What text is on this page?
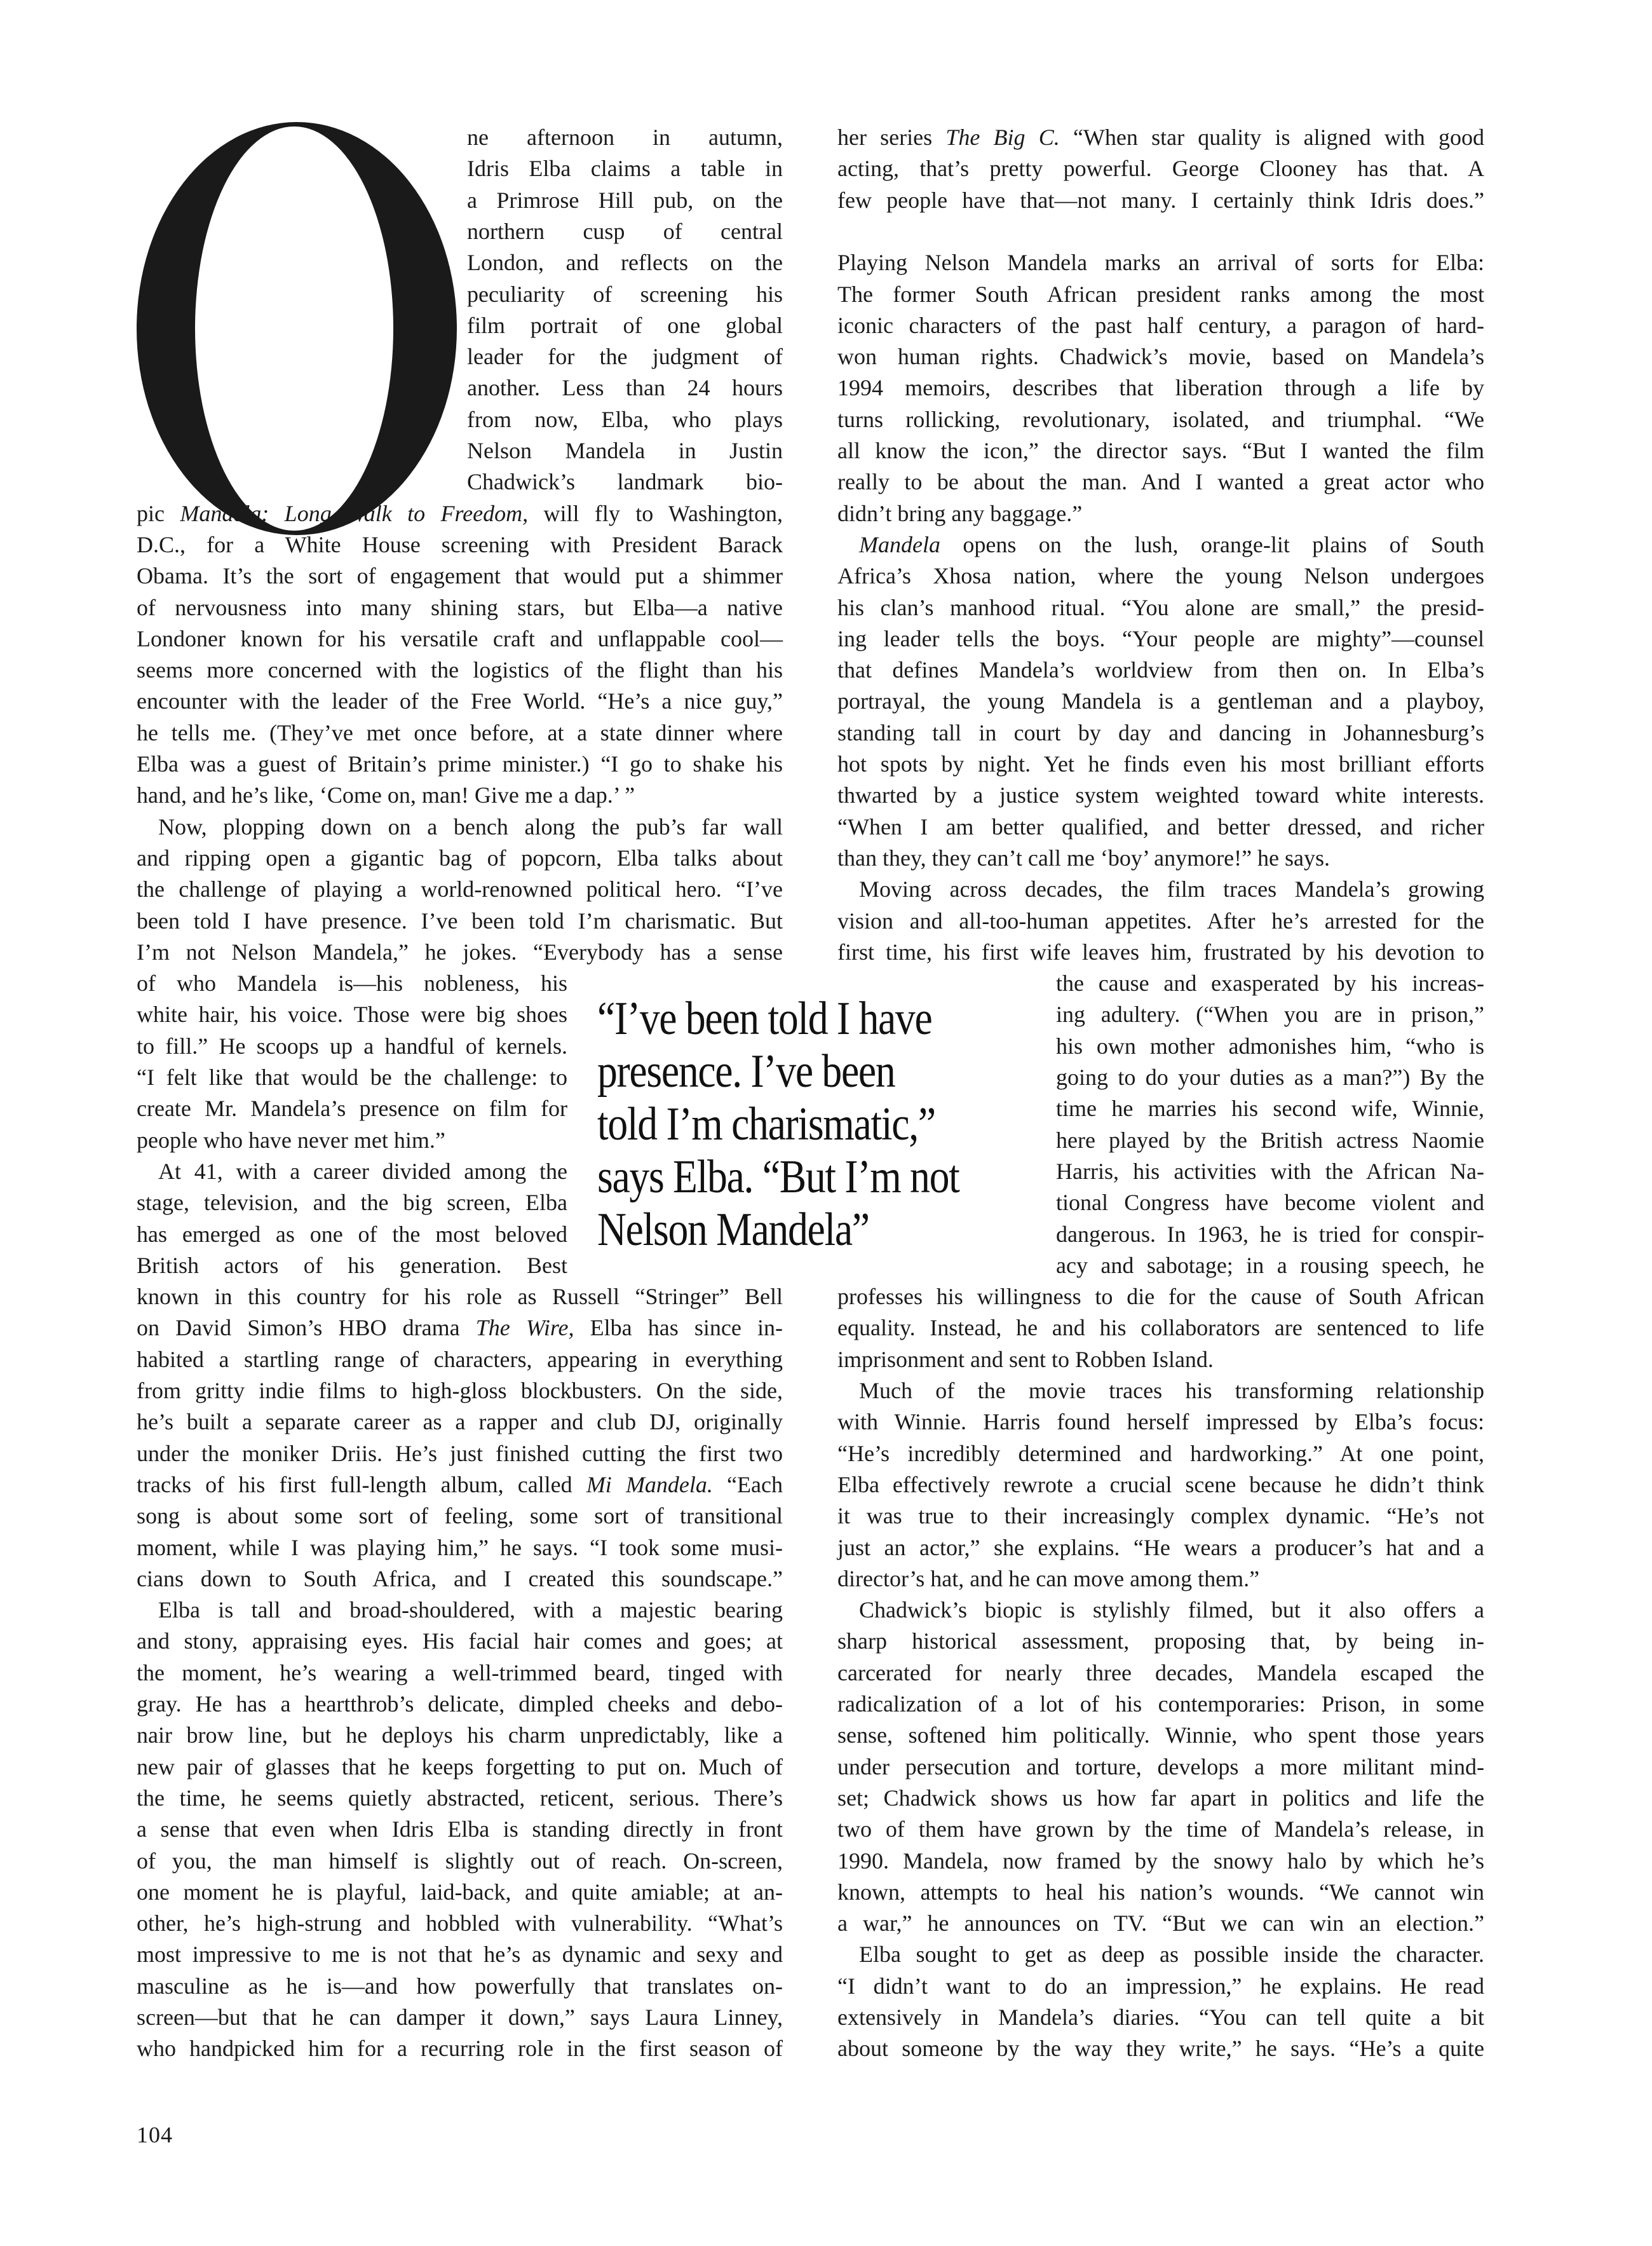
ne afternoon in autumn,
Idris Elba claims a table in
a Primrose Hill pub, on the
northern cusp of central
London, and reflects on the
peculiarity of screening his
film portrait of one global
leader for the judgment of
another. Less than 24 hours
from now, Elba, who plays
Nelson Mandela in Justin
Chadwick’s landmark bio-
pic Mandela: Long Walk to Freedom, will fly to Washington,
D.C., for a White House screening with President Barack
Obama. It’s the sort of engagement that would put a shimmer
of nervousness into many shining stars, but Elba—a native
Londoner known for his versatile craft and unflappable cool—
seems more concerned with the logistics of the flight than his
encounter with the leader of the Free World. “He’s a nice guy,”
he tells me. (They’ve met once before, at a state dinner where
Elba was a guest of Britain’s prime minister.) “I go to shake his
hand, and he’s like, ‘Come on, man! Give me a dap.’ ”
Now, plopping down on a bench along the pub’s far wall
and ripping open a gigantic bag of popcorn, Elba talks about
the challenge of playing a world-renowned political hero. “I’ve
been told I have presence. I’ve been told I’m charismatic. But
I’m not Nelson Mandela,” he jokes. “Everybody has a sense
of who Mandela is—his nobleness, his
white hair, his voice. Those were big shoes
to fill.” He scoops up a handful of kernels.
“I felt like that would be the challenge: to
create Mr. Mandela’s presence on film for
people who have never met him.”
At 41, with a career divided among the
stage, television, and the big screen, Elba
has emerged as one of the most beloved
British actors of his generation. Best
known in this country for his role as Russell “Stringer” Bell
on David Simon’s HBO drama The Wire, Elba has since in-
habited a startling range of characters, appearing in everything
from gritty indie films to high-gloss blockbusters. On the side,
he’s built a separate career as a rapper and club DJ, originally
under the moniker Driis. He’s just finished cutting the first two
tracks of his first full-length album, called Mi Mandela. “Each
song is about some sort of feeling, some sort of transitional
moment, while I was playing him,” he says. “I took some musi-
cians down to South Africa, and I created this soundscape.”
Elba is tall and broad-shouldered, with a majestic bearing
and stony, appraising eyes. His facial hair comes and goes; at
the moment, he’s wearing a well-trimmed beard, tinged with
gray. He has a heartthrob’s delicate, dimpled cheeks and debo-
nair brow line, but he deploys his charm unpredictably, like a
new pair of glasses that he keeps forgetting to put on. Much of
the time, he seems quietly abstracted, reticent, serious. There’s
a sense that even when Idris Elba is standing directly in front
of you, the man himself is slightly out of reach. On-screen,
one moment he is playful, laid-back, and quite amiable; at an-
other, he’s high-strung and hobbled with vulnerability. “What’s
most impressive to me is not that he’s as dynamic and sexy and
masculine as he is—and how powerfully that translates on-
screen—but that he can damper it down,” says Laura Linney,
who handpicked him for a recurring role in the first season of
her series The Big C. “When star quality is aligned with good
acting, that’s pretty powerful. George Clooney has that. A
few people have that—not many. I certainly think Idris does.”
Playing Nelson Mandela marks an arrival of sorts for Elba:
The former South African president ranks among the most
iconic characters of the past half century, a paragon of hard-
won human rights. Chadwick’s movie, based on Mandela’s
1994 memoirs, describes that liberation through a life by
turns rollicking, revolutionary, isolated, and triumphal. “We
all know the icon,” the director says. “But I wanted the film
really to be about the man. And I wanted a great actor who
didn’t bring any baggage.”
Mandela opens on the lush, orange-lit plains of South
Africa’s Xhosa nation, where the young Nelson undergoes
his clan’s manhood ritual. “You alone are small,” the presid-
ing leader tells the boys. “Your people are mighty”—counsel
that defines Mandela’s worldview from then on. In Elba’s
portrayal, the young Mandela is a gentleman and a playboy,
standing tall in court by day and dancing in Johannesburg’s
hot spots by night. Yet he finds even his most brilliant efforts
thwarted by a justice system weighted toward white interests.
“When I am better qualified, and better dressed, and richer
than they, they can’t call me ‘boy’ anymore!” he says.
Moving across decades, the film traces Mandela’s growing
vision and all-too-human appetites. After he’s arrested for the
first time, his first wife leaves him, frustrated by his devotion to
the cause and exasperated by his increas-
ing adultery. (“When you are in prison,”
his own mother admonishes him, “who is
going to do your duties as a man?”) By the
time he marries his second wife, Winnie,
here played by the British actress Naomie
Harris, his activities with the African Na-
tional Congress have become violent and
dangerous. In 1963, he is tried for conspir-
acy and sabotage; in a rousing speech, he
professes his willingness to die for the cause of South African
equality. Instead, he and his collaborators are sentenced to life
imprisonment and sent to Robben Island.
Much of the movie traces his transforming relationship
with Winnie. Harris found herself impressed by Elba’s focus:
“He’s incredibly determined and hardworking.” At one point,
Elba effectively rewrote a crucial scene because he didn’t think
it was true to their increasingly complex dynamic. “He’s not
just an actor,” she explains. “He wears a producer’s hat and a
director’s hat, and he can move among them.”
Chadwick’s biopic is stylishly filmed, but it also offers a
sharp historical assessment, proposing that, by being in-
carcerated for nearly three decades, Mandela escaped the
radicalization of a lot of his contemporaries: Prison, in some
sense, softened him politically. Winnie, who spent those years
under persecution and torture, develops a more militant mind-
set; Chadwick shows us how far apart in politics and life the
two of them have grown by the time of Mandela’s release, in
1990. Mandela, now framed by the snowy halo by which he’s
known, attempts to heal his nation’s wounds. “We cannot win
a war,” he announces on TV. “But we can win an election.”
Elba sought to get as deep as possible inside the character.
“I didn’t want to do an impression,” he explains. He read
extensively in Mandela’s diaries. “You can tell quite a bit
about someone by the way they write,” he says. “He’s a quite
“I’ve been told I have
presence. I’ve been
told I’m charismatic,”
says Elba. “But I’m not
Nelson Mandela”
104
